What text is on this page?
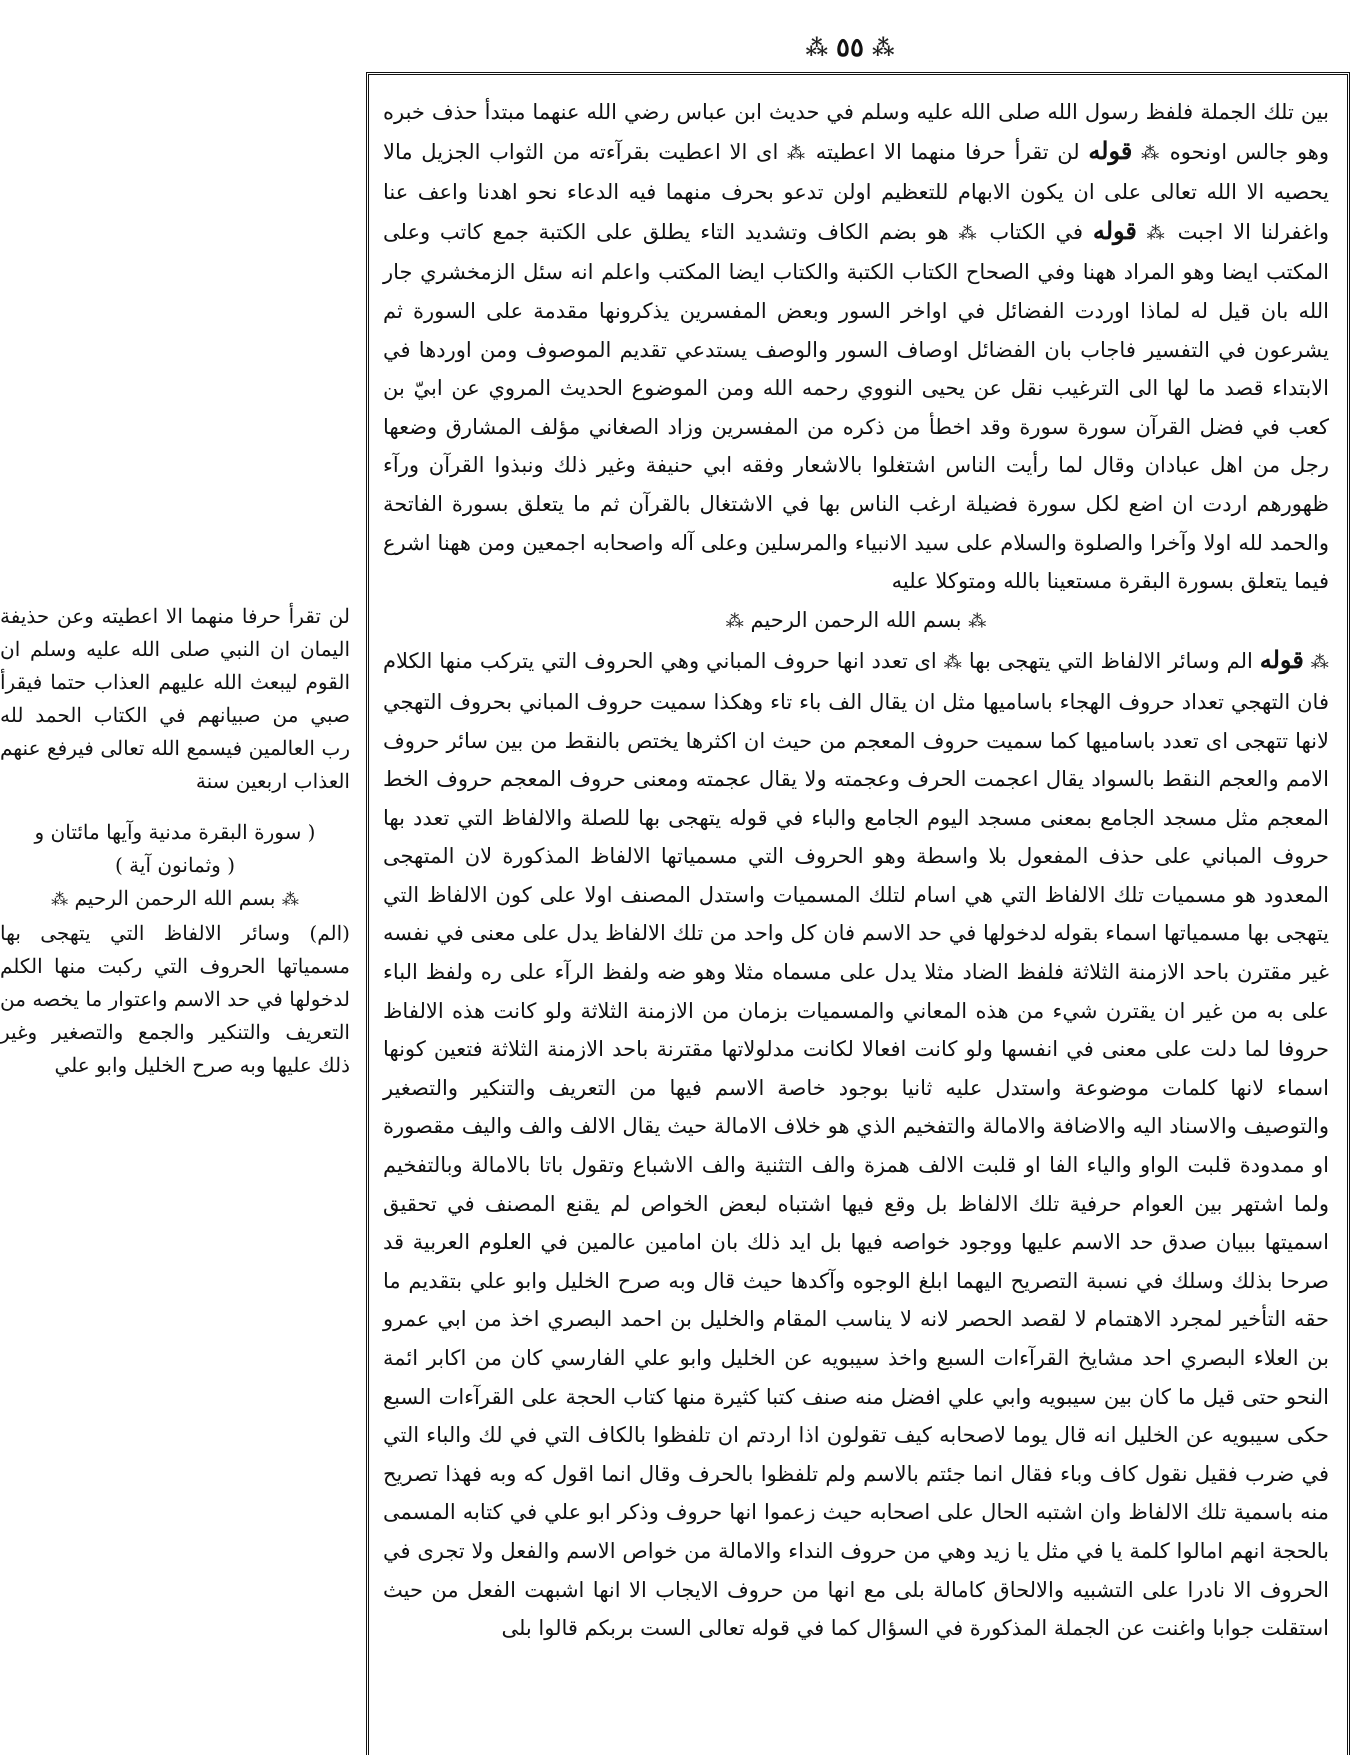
⁂ ٥٥ ⁂

بين تلك الجملة فلفظ رسول الله صلى الله عليه وسلم في حديث ابن عباس رضي الله عنهما مبتدأ حذف خبره وهو جالس اونحوه ⁂ قوله لن تقرأ حرفا منهما الا اعطيته ⁂ اى الا اعطيت بقرآءته من الثواب الجزيل مالا يحصيه الا الله تعالى على ان يكون الابهام للتعظيم اولن تدعو بحرف منهما فيه الدعاء نحو اهدنا واعف عنا واغفرلنا الا اجبت ⁂ قوله في الكتاب ⁂ هو بضم الكاف وتشديد التاء يطلق على الكتبة جمع كاتب وعلى المكتب ايضا وهو المراد ههنا وفي الصحاح الكتاب الكتبة والكتاب ايضا المكتب واعلم انه سئل الزمخشري جار الله بان قيل له لماذا اوردت الفضائل في اواخر السور وبعض المفسرين يذكرونها مقدمة على السورة ثم يشرعون في التفسير فاجاب بان الفضائل اوصاف السور والوصف يستدعي تقديم الموصوف ومن اوردها في الابتداء قصد ما لها الى الترغيب نقل عن يحيى النووي رحمه الله ومن الموضوع الحديث المروي عن ابيّ بن كعب في فضل القرآن سورة سورة وقد اخطأ من ذكره من المفسرين وزاد الصغاني مؤلف المشارق وضعها رجل من اهل عبادان وقال لما رأيت الناس اشتغلوا بالاشعار وفقه ابي حنيفة وغير ذلك ونبذوا القرآن ورآء ظهورهم اردت ان اضع لكل سورة فضيلة ارغب الناس بها في الاشتغال بالقرآن ثم ما يتعلق بسورة الفاتحة والحمد لله اولا وآخرا والصلوة والسلام على سيد الانبياء والمرسلين وعلى آله واصحابه اجمعين ومن ههنا اشرع فيما يتعلق بسورة البقرة مستعينا بالله ومتوكلا عليه
⁂ بسم الله الرحمن الرحيم ⁂
⁂ قوله الم وسائر الالفاظ التي يتهجى بها ⁂ اى تعدد انها حروف المباني وهي الحروف التي يتركب منها الكلام فان التهجي تعداد حروف الهجاء باساميها مثل ان يقال الف باء تاء وهكذا سميت حروف المباني بحروف التهجي لانها تتهجى اى تعدد باساميها كما سميت حروف المعجم من حيث ان اكثرها يختص بالنقط من بين سائر حروف الامم والعجم النقط بالسواد يقال اعجمت الحرف وعجمته ولا يقال عجمته ومعنى حروف المعجم حروف الخط المعجم مثل مسجد الجامع بمعنى مسجد اليوم الجامع والباء في قوله يتهجى بها للصلة والالفاظ التي تعدد بها حروف المباني على حذف المفعول بلا واسطة وهو الحروف التي مسمياتها الالفاظ المذكورة لان المتهجى المعدود هو مسميات تلك الالفاظ التي هي اسام لتلك المسميات واستدل المصنف اولا على كون الالفاظ التي يتهجى بها مسمياتها اسماء بقوله لدخولها في حد الاسم فان كل واحد من تلك الالفاظ يدل على معنى في نفسه غير مقترن باحد الازمنة الثلاثة فلفظ الضاد مثلا يدل على مسماه مثلا وهو ضه ولفظ الرآء على ره ولفظ الباء على به من غير ان يقترن شيء من هذه المعاني والمسميات بزمان من الازمنة الثلاثة ولو كانت هذه الالفاظ حروفا لما دلت على معنى في انفسها ولو كانت افعالا لكانت مدلولاتها مقترنة باحد الازمنة الثلاثة فتعين كونها اسماء لانها كلمات موضوعة واستدل عليه ثانيا بوجود خاصة الاسم فيها من التعريف والتنكير والتصغير والتوصيف والاسناد اليه والاضافة والامالة والتفخيم الذي هو خلاف الامالة حيث يقال الالف والف واليف مقصورة او ممدودة قلبت الواو والياء الفا او قلبت الالف همزة والف التثنية والف الاشباع وتقول باتا بالامالة وبالتفخيم ولما اشتهر بين العوام حرفية تلك الالفاظ بل وقع فيها اشتباه لبعض الخواص لم يقنع المصنف في تحقيق اسميتها ببيان صدق حد الاسم عليها ووجود خواصه فيها بل ايد ذلك بان امامين عالمين في العلوم العربية قد صرحا بذلك وسلك في نسبة التصريح اليهما ابلغ الوجوه وآكدها حيث قال وبه صرح الخليل وابو علي بتقديم ما حقه التأخير لمجرد الاهتمام لا لقصد الحصر لانه لا يناسب المقام والخليل بن احمد البصري اخذ من ابي عمرو بن العلاء البصري احد مشايخ القرآءات السبع واخذ سيبويه عن الخليل وابو علي الفارسي كان من اكابر ائمة النحو حتى قيل ما كان بين سيبويه وابي علي افضل منه صنف كتبا كثيرة منها كتاب الحجة على القرآءات السبع حكى سيبويه عن الخليل انه قال يوما لاصحابه كيف تقولون اذا اردتم ان تلفظوا بالكاف التي في لك والباء التي في ضرب فقيل نقول كاف وباء فقال انما جئتم بالاسم ولم تلفظوا بالحرف وقال انما اقول كه وبه فهذا تصريح منه باسمية تلك الالفاظ وان اشتبه الحال على اصحابه حيث زعموا انها حروف وذكر ابو علي في كتابه المسمى بالحجة انهم امالوا كلمة يا في مثل يا زيد وهي من حروف النداء والامالة من خواص الاسم والفعل ولا تجرى في الحروف الا نادرا على التشبيه والالحاق كامالة بلى مع انها من حروف الايجاب الا انها اشبهت الفعل من حيث استقلت جوابا واغنت عن الجملة المذكورة في السؤال كما في قوله تعالى الست بربكم قالوا بلى

لن تقرأ حرفا منهما الا اعطيته وعن حذيفة اليمان ان النبي صلى الله عليه وسلم ان القوم ليبعث الله عليهم العذاب حتما فيقرأ صبي من صبيانهم في الكتاب الحمد لله رب العالمين فيسمع الله تعالى فيرفع عنهم العذاب اربعين سنة

( سورة البقرة مدنية وآيها مائتان و

( وثمانون آية )

⁂ بسم الله الرحمن الرحيم ⁂

(الم) وسائر الالفاظ التي يتهجى بها مسمياتها الحروف التي ركبت منها الكلم لدخولها في حد الاسم واعتوار ما يخصه من التعريف والتنكير والجمع والتصغير وغير ذلك عليها وبه صرح الخليل وابو علي
